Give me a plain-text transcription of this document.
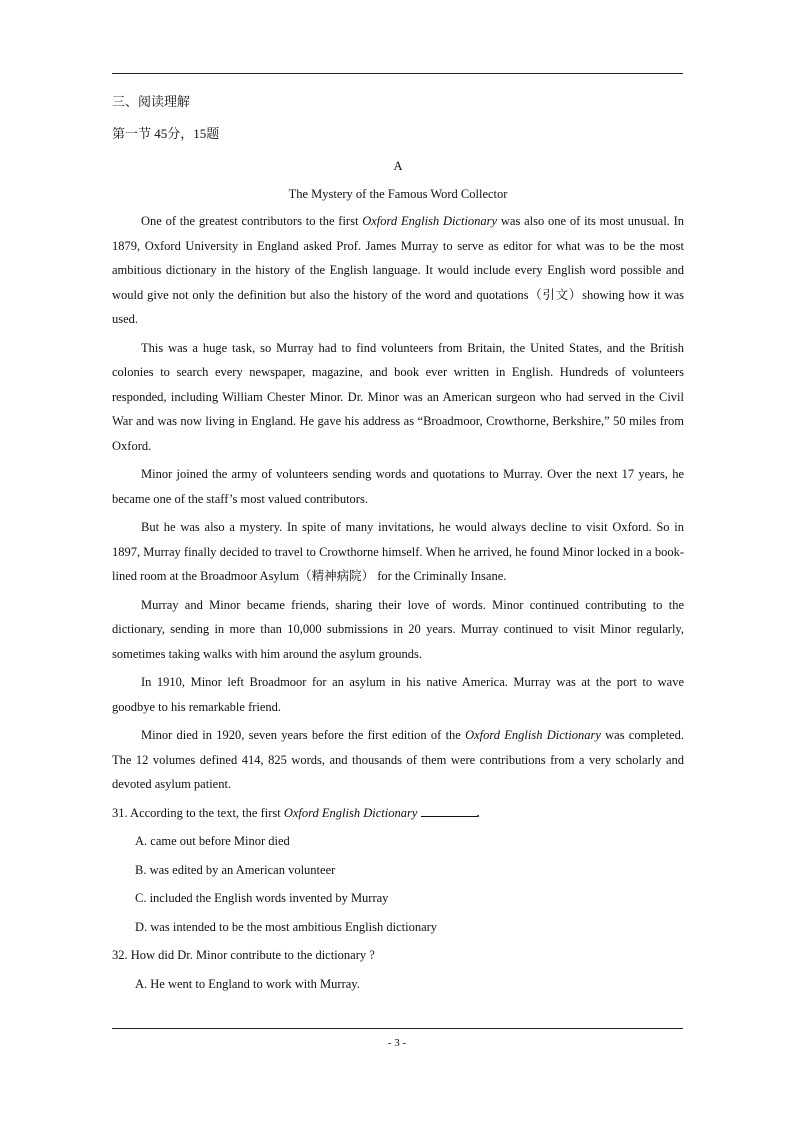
三、阅读理解
第一节 45分，15题
A
The Mystery of the Famous Word Collector

One of the greatest contributors to the first Oxford English Dictionary was also one of its most unusual. In 1879, Oxford University in England asked Prof. James Murray to serve as editor for what was to be the most ambitious dictionary in the history of the English language. It would include every English word possible and would give not only the definition but also the history of the word and quotations（引文）showing how it was used.

This was a huge task, so Murray had to find volunteers from Britain, the United States, and the British colonies to search every newspaper, magazine, and book ever written in English. Hundreds of volunteers responded, including William Chester Minor. Dr. Minor was an American surgeon who had served in the Civil War and was now living in England. He gave his address as “Broadmoor, Crowthorne, Berkshire,” 50 miles from Oxford.

Minor joined the army of volunteers sending words and quotations to Murray. Over the next 17 years, he became one of the staff’s most valued contributors.

But he was also a mystery. In spite of many invitations, he would always decline to visit Oxford. So in 1897, Murray finally decided to travel to Crowthorne himself. When he arrived, he found Minor locked in a book-lined room at the Broadmoor Asylum（精神病院） for the Criminally Insane.

Murray and Minor became friends, sharing their love of words. Minor continued contributing to the dictionary, sending in more than 10,000 submissions in 20 years. Murray continued to visit Minor regularly, sometimes taking walks with him around the asylum grounds.

In 1910, Minor left Broadmoor for an asylum in his native America. Murray was at the port to wave goodbye to his remarkable friend.

Minor died in 1920, seven years before the first edition of the Oxford English Dictionary was completed. The 12 volumes defined 414, 825 words, and thousands of them were contributions from a very scholarly and devoted asylum patient.

31. According to the text, the first Oxford English Dictionary	.
A. came out before Minor died
B. was edited by an American volunteer
C. included the English words invented by Murray
D. was intended to be the most ambitious English dictionary
32. How did Dr. Minor contribute to the dictionary ?
A. He went to England to work with Murray.
- 3 -
